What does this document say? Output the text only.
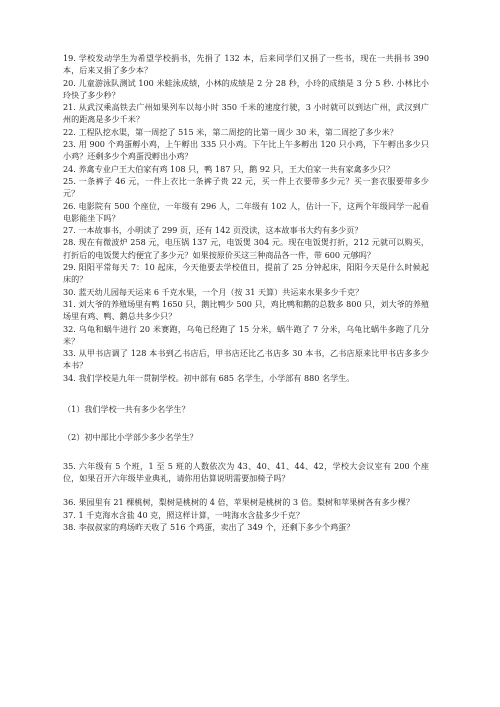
19. 学校发动学生为希望学校捐书，先捐了 132 本，后来同学们又捐了一些书，现在一共捐书 390 本，后来又捐了多少本？

20. 儿童游泳队测试 100 米蛙泳成绩，小林的成绩是 2 分 28 秒，小玲的成绩是 3 分 5 秒. 小林比小玲快了多少秒？

21. 从武汉乘高铁去广州如果列车以每小时 350 千米的速度行驶，3 小时就可以到达广州，武汉到广州的距离是多少千米？

22. 工程队挖水渠，第一周挖了 515 米，第二周挖的比第一周少 30 米，第二周挖了多少米？

23. 用 900 个鸡蛋孵小鸡，上午孵出 335 只小鸡。下午比上午多孵出 120 只小鸡，下午孵出多少只小鸡？还剩多少个鸡蛋没孵出小鸡？

24. 养禽专业户王大伯家有鸡 108 只，鸭 187 只，鹅 92 只，王大伯家一共有家禽多少只？

25. 一条裤子 46 元，一件上衣比一条裤子贵 22 元，买一件上衣要带多少元？买一套衣服要带多少元？

26. 电影院有 500 个座位，一年级有 296 人，二年级有 102 人，估计一下，这两个年级同学一起看电影能坐下吗？

27. 一本故事书，小明读了 299 页，还有 142 页没读，这本故事书大约有多少页？

28. 现在有微波炉 258 元，电压锅 137 元，电饭煲 304 元。现在电饭煲打折，212 元就可以购买，打折后的电饭煲大约便宜了多少元？如果按原价买这三种商品各一件，带 600 元够吗？

29. 阳阳平常每天 7：10 起床，今天他要去学校值日，提前了 25 分钟起床，阳阳今天是什么时候起床的？

30. 蓝天幼儿园每天运来 6 千克水果，一个月（按 31 天算）共运来水果多少千克？

31. 刘大爷的养殖场里有鸭 1650 只，鹅比鸭少 500 只，鸡比鸭和鹅的总数多 800 只，刘大爷的养殖场里有鸡、鸭、鹅总共多少只？

32. 乌龟和蜗牛进行 20 米赛跑，乌龟已经跑了 15 分米，蜗牛跑了 7 分米，乌龟比蜗牛多跑了几分米？

33. 从甲书店调了 128 本书到乙书店后，甲书店还比乙书店多 30 本书，乙书店原来比甲书店多多少本书？

34. 我们学校是九年一贯制学校。初中部有 685 名学生，小学部有 880 名学生。

（1）我们学校一共有多少名学生？

（2）初中部比小学部少多少名学生？

35. 六年级有 5 个班，1 至 5 班的人数依次为 43、40、41、44、42，学校大会议室有 200 个座位，如果召开六年级毕业典礼，请你用估算说明需要加椅子吗？

36. 果园里有 21 棵桃树，梨树是桃树的 4 倍，苹果树是桃树的 3 倍。梨树和苹果树各有多少棵？

37. 1 千克海水含盐 40 克，照这样计算，一吨海水含盐多少千克？

38. 李叔叔家的鸡场昨天收了 516 个鸡蛋，卖出了 349 个，还剩下多少个鸡蛋？
